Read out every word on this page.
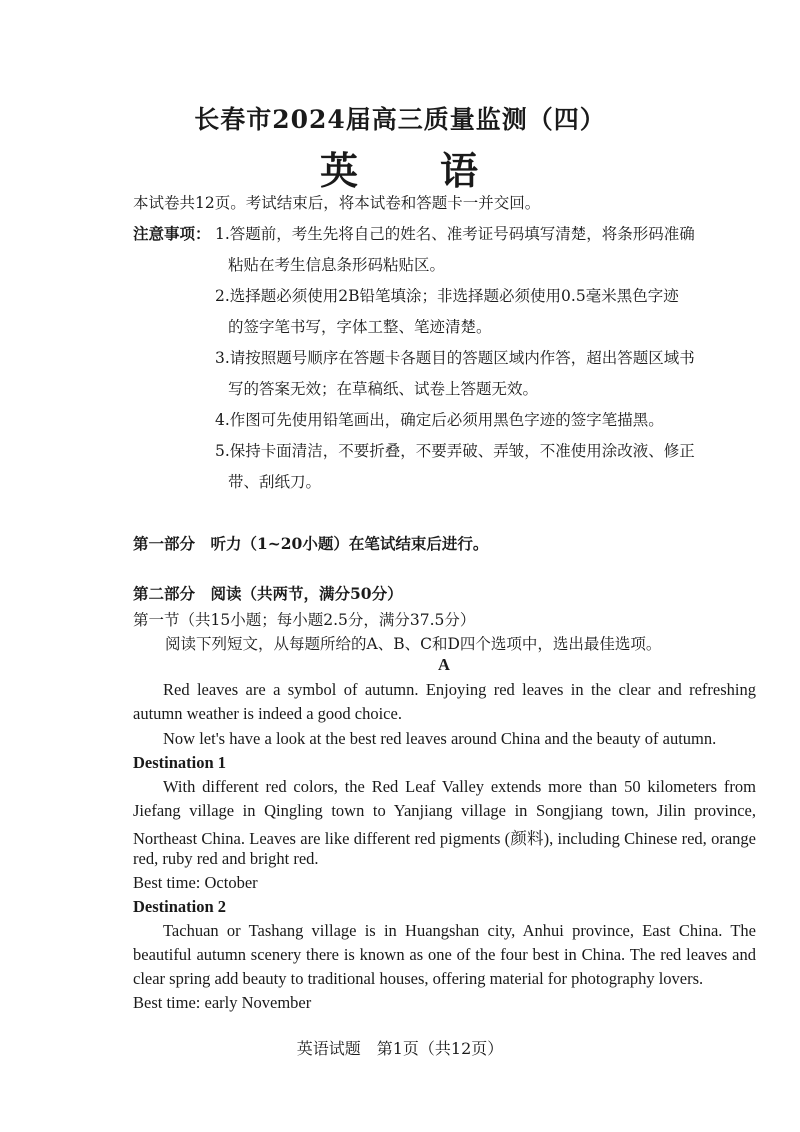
长春市2024届高三质量监测（四）
英　　语
本试卷共12页。考试结束后，将本试卷和答题卡一并交回。
注意事项： 1.答题前，考生先将自己的姓名、准考证号码填写清楚，将条形码准确
粘贴在考生信息条形码粘贴区。
2.选择题必须使用2B铅笔填涂；非选择题必须使用0.5毫米黑色字迹
的签字笔书写，字体工整、笔迹清楚。
3.请按照题号顺序在答题卡各题目的答题区域内作答，超出答题区域书
写的答案无效；在草稿纸、试卷上答题无效。
4.作图可先使用铅笔画出，确定后必须用黑色字迹的签字笔描黑。
5.保持卡面清洁，不要折叠，不要弄破、弄皱，不准使用涂改液、修正
带、刮纸刀。
第一部分　听力（1~20小题）在笔试结束后进行。
第二部分　阅读（共两节，满分50分）
第一节（共15小题；每小题2.5分，满分37.5分）
阅读下列短文，从每题所给的A、B、C和D四个选项中，选出最佳选项。
A
Red leaves are a symbol of autumn. Enjoying red leaves in the clear and refreshing
autumn weather is indeed a good choice.
Now let's have a look at the best red leaves around China and the beauty of autumn.
Destination 1
With different red colors, the Red Leaf Valley extends more than 50 kilometers from
Jiefang village in Qingling town to Yanjiang village in Songjiang town, Jilin province,
Northeast China. Leaves are like different red pigments (颜料), including Chinese red, orange
red, ruby red and bright red.
Best time: October
Destination 2
Tachuan or Tashang village is in Huangshan city, Anhui province, East China. The
beautiful autumn scenery there is known as one of the four best in China. The red leaves and
clear spring add beauty to traditional houses, offering material for photography lovers.
Best time: early November
英语试题　第1页（共12页）
